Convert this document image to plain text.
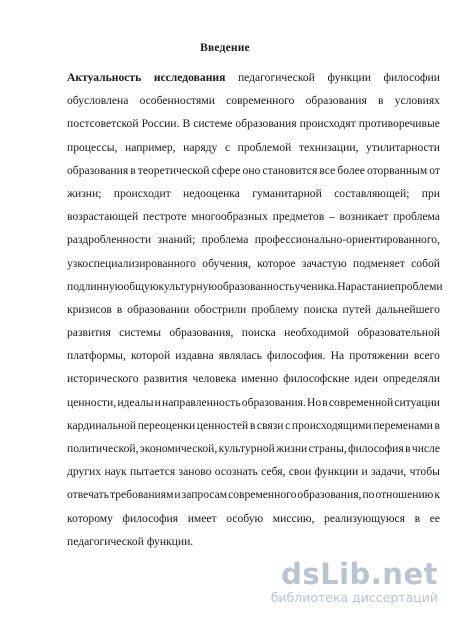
Введение
Актуальность исследования педагогической функции философии
обусловлена особенностями современного образования в условиях
постсоветской России. В системе образования происходят противоречивые
процессы, например, наряду с проблемой технизации, утилитарности
образования в теоретической сфере оно становится все более оторванным от
жизни; происходит недооценка гуманитарной составляющей; при
возрастающей пестроте многообразных предметов – возникает проблема
раздробленности знаний; проблема профессионально-ориентированного,
узкоспециализированного обучения, которое зачастую подменяет собой
подлинную общую культурную образованность ученика. Нарастание проблем и
кризисов в образовании обострили проблему поиска путей дальнейшего
развития системы образования, поиска необходимой образовательной
платформы, которой издавна являлась философия. На протяжении всего
исторического развития человека именно философские идеи определяли
ценности, идеалы и направленность образования. Но в современной ситуации
кардинальной переоценки ценностей в связи с происходящими переменами в
политической, экономической, культурной жизни страны, философия в числе
других наук пытается заново осознать себя, свои функции и задачи, чтобы
отвечать требованиям и запросам современного образования, по отношению к
которому философия имеет особую миссию, реализующуюся в ее
педагогической
функции.

dsLib.net
библиотека диссертаций
